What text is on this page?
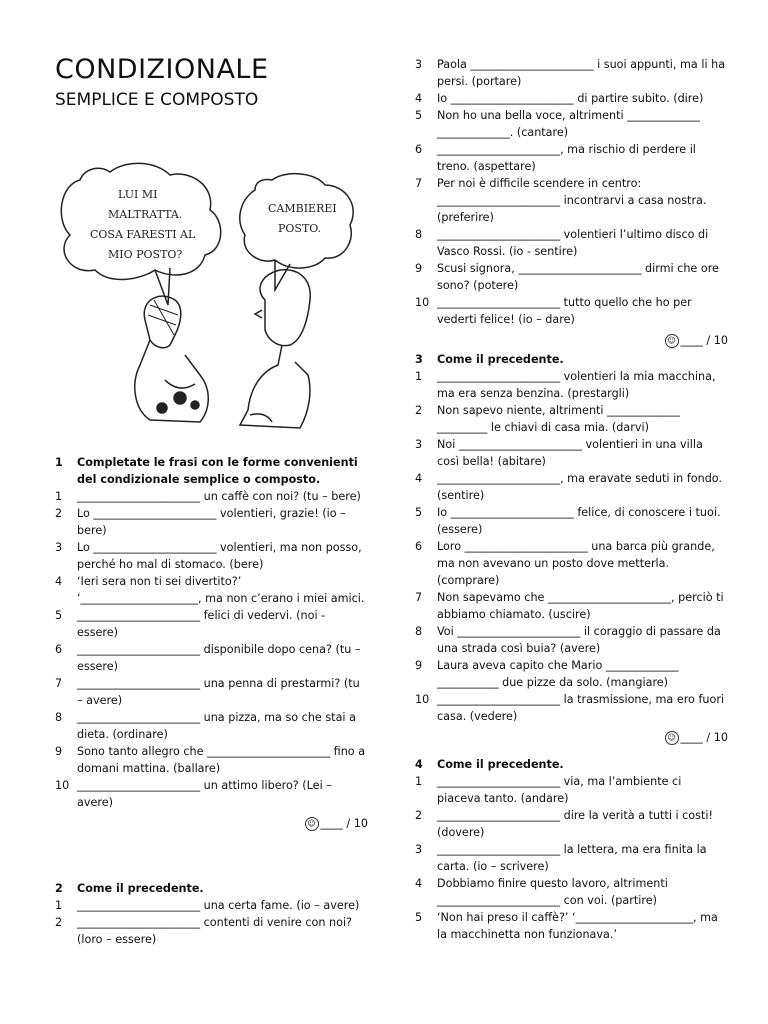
CONDIZIONALE
SEMPLICE E COMPOSTO
LUI MI
MALTRATTA.
COSA FARESTI AL
MIO POSTO?
CAMBIEREI
POSTO.
1 Completate le frasi con le forme convenienti del condizionale semplice o composto.
1 ______________________ un caffè con noi? (tu – bere)
2 Lo ______________________ volentieri, grazie! (io – bere)
3 Lo ______________________ volentieri, ma non posso, perché ho mal di stomaco. (bere)
4 ‘Ieri sera non ti sei divertito?’ ‘_____________________, ma non c’erano i miei amici.
5 ______________________ felici di vedervi. (noi - essere)
6 ______________________ disponibile dopo cena? (tu – essere)
7 ______________________ una penna di prestarmi? (tu – avere)
8 ______________________ una pizza, ma so che stai a dieta. (ordinare)
9 Sono tanto allegro che ______________________ fino a domani mattina. (ballare)
10 ______________________ un attimo libero? (Lei – avere)
☺ ____ / 10
2 Come il precedente.
1 ______________________ una certa fame. (io – avere)
2 ______________________ contenti di venire con noi? (loro – essere)
3 Paola ______________________ i suoi appunti, ma li ha persi. (portare)
4 Io ______________________ di partire subito. (dire)
5 Non ho una bella voce, altrimenti _____________ _____________. (cantare)
6 ______________________, ma rischio di perdere il treno. (aspettare)
7 Per noi è difficile scendere in centro: ______________________ incontrarvi a casa nostra. (preferire)
8 ______________________ volentieri l’ultimo disco di Vasco Rossi. (io - sentire)
9 Scusi signora, ______________________ dirmi che ore sono? (potere)
10 ______________________ tutto quello che ho per vederti felice! (io – dare)
☺ ____ / 10
3 Come il precedente.
1 ______________________ volentieri la mia macchina, ma era senza benzina. (prestargli)
2 Non sapevo niente, altrimenti _____________ _________ le chiavi di casa mia. (darvi)
3 Noi ______________________ volentieri in una villa così bella! (abitare)
4 ______________________, ma eravate seduti in fondo. (sentire)
5 Io ______________________ felice, di conoscere i tuoi. (essere)
6 Loro ______________________ una barca più grande, ma non avevano un posto dove metterla. (comprare)
7 Non sapevamo che ______________________, perciò ti abbiamo chiamato. (uscire)
8 Voi ______________________ il coraggio di passare da una strada così buia? (avere)
9 Laura aveva capito che Mario _____________ ___________ due pizze da solo. (mangiare)
10 ______________________ la trasmissione, ma ero fuori casa. (vedere)
☺ ____ / 10
4 Come il precedente.
1 ______________________ via, ma l’ambiente ci piaceva tanto. (andare)
2 ______________________ dire la verità a tutti i costi! (dovere)
3 ______________________ la lettera, ma era finita la carta. (io – scrivere)
4 Dobbiamo finire questo lavoro, altrimenti ______________________ con voi. (partire)
5 ‘Non hai preso il caffè?’ ‘_____________________, ma la macchinetta non funzionava.’
